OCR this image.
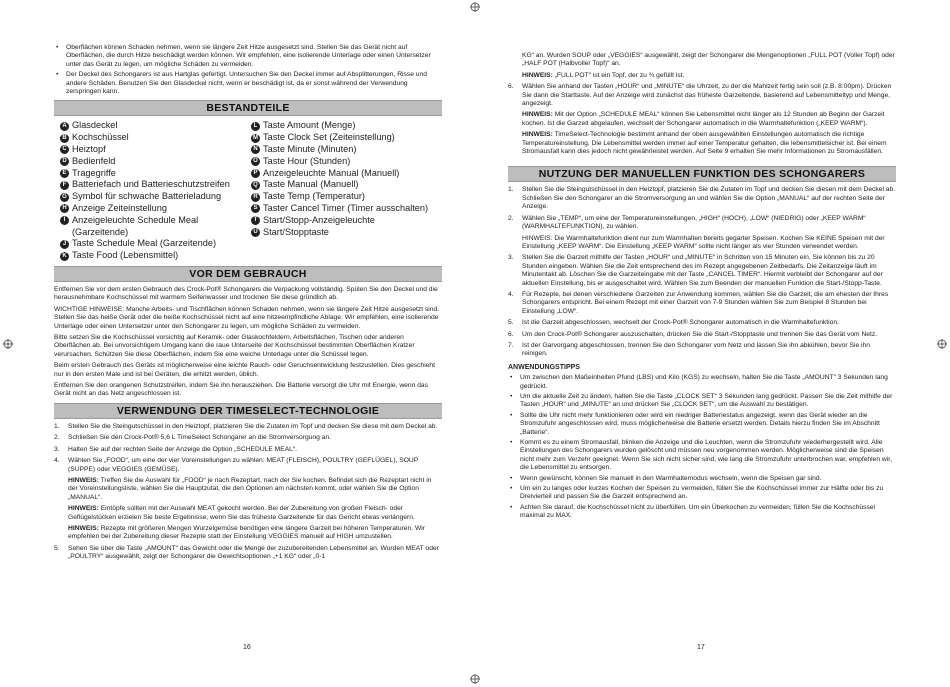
• Oberflächen können Schaden nehmen, wenn sie längere Zeit Hitze ausgesetzt sind. Stellen Sie das Gerät nicht auf Oberflächen, die durch Hitze beschädigt werden können. Wir empfehlen, eine isolierende Unterlage oder einen Untersetzer unter das Gerät zu legen, um mögliche Schäden zu vermeiden.
• Der Deckel des Schongarers ist aus Hartglas gefertigt. Untersuchen Sie den Deckel immer auf Absplitterungen, Risse und andere Schäden. Benutzen Sie den Glasdeckel nicht, wenn er beschädigt ist, da er sonst während der Verwendung zerspringen kann.
BESTANDTEILE
A Glasdeckel
B Kochschüssel
C Heiztopf
D Bedienfeld
E Tragegriffe
F Batteriefach und Batterieschutzstreifen
G Symbol für schwache Batterieladung
H Anzeige Zeiteinstellung
I Anzeigeleuchte Schedule Meal (Garzeitende)
J Taste Schedule Meal (Garzeitende)
K Taste Food (Lebensmittel)
L Taste Amount (Menge)
M Taste Clock Set (Zeiteinstellung)
N Taste Minute (Minuten)
O Taste Hour (Stunden)
P Anzeigeleuchte Manual (Manuell)
Q Taste Manual (Manuell)
R Taste Temp (Temperatur)
S Taster Cancel Timer (Timer ausschalten)
T Start/Stopp-Anzeigeleuchte
U Start/Stopptaste
VOR DEM GEBRAUCH

Entfernen Sie vor dem ersten Gebrauch des Crock-Pot® Schongarers die Verpackung vollständig. Spülen Sie den Deckel und die herausnehmbare Kochschüssel mit warmem Seifenwasser und trocknen Sie diese gründlich ab.

WICHTIGE HINWEISE: Manche Arbeits- und Tischflächen können Schaden nehmen, wenn sie längere Zeit Hitze ausgesetzt sind. Stellen Sie das heiße Gerät oder die heiße Kochschüssel nicht auf eine hitzeempfindliche Ablage. Wir empfehlen, eine isolierende Unterlage oder einen Untersetzer unter den Schongarer zu legen, um mögliche Schäden zu vermeiden.

Bitte setzen Sie die Kochschüssel vorsichtig auf Keramik- oder Glaskochfeldern, Arbeitsflächen, Tischen oder anderen Oberflächen ab. Bei unvorsichtigem Umgang kann die raue Unterseite der Kochschüssel bestimmten Oberflächen Kratzer verursachen. Schützen Sie diese Oberflächen, indem Sie eine weiche Unterlage unter die Schüssel legen.

Beim ersten Gebrauch des Geräts ist möglicherweise eine leichte Rauch- oder Geruchsentwicklung festzustellen. Dies geschieht nur in den ersten Male und ist bei Geräten, die erhitzt werden, üblich.

Entfernen Sie den orangenen Schutzstreifen, indem Sie ihn herausziehen. Die Batterie versorgt die Uhr mit Energie, wenn das Gerät nicht an das Netz angeschlossen ist.

VERWENDUNG DER TIMESELECT-TECHNOLOGIE
1. Stellen Sie die Steingutschüssel in den Heiztopf, platzieren Sie die Zutaten im Topf und decken Sie diese mit dem Deckel ab.
2. Schließen Sie den Crock-Pot® 5,6 L TimeSelect Schongarer an die Stromversorgung an.
3. Halten Sie auf der rechten Seite der Anzeige die Option „SCHEDULE MEAL“.
4. Wählen Sie „FOOD“, um eine der vier Voreinstellungen zu wählen: MEAT (FLEISCH), POULTRY (GEFLÜGEL), SOUP (SUPPE) oder VEGGIES (GEMÜSE).
HINWEIS: Treffen Sie die Auswahl für „FOOD“ je nach Rezeptart, nach der Sie kochen. Befindet sich die Rezeptart nicht in der Voreinstellungsliste, wählen Sie die Hauptzutat, die den Optionen am nächsten kommt, oder wählen Sie die Option „MANUAL“.
HINWEIS: Eintöpfe sollten mit der Auswahl MEAT gekocht werden. Bei der Zubereitung von großen Fleisch- oder Geflügelstücken erzielen Sie beste Ergebnisse, wenn Sie das früheste Garzeitende für das Gericht etwas verlängern.
HINWEIS: Rezepte mit größeren Mengen Wurzelgemüse benötigen eine längere Garzeit bei höheren Temperaturen. Wir empfehlen bei der Zubereitung dieser Rezepte statt der Einstellung VEGGIES manuell auf HIGH umzustellen.
5. Sehen Sie über die Taste „AMOUNT“ das Gewicht oder die Menge der zuzubereitenden Lebensmittel an. Wurden MEAT oder „POULTRY“ ausgewählt, zeigt der Schongarer die Gewichtsoptionen „+1 KG“ oder „0-1
16
KG“ an. Wurden SOUP oder „VEGGIES“ ausgewählt, zeigt der Schongarer die Mengenoptionen „FULL POT (Voller Topf) oder „HALF POT (Halbvoller Topf)“ an.
HINWEIS: „FULL POT“ ist ein Topf, der zu ¾ gefüllt ist.
6. Wählen Sie anhand der Tasten „HOUR“ und „MINUTE“ die Uhrzeit, zu der die Mahlzeit fertig sein soll (z.B. 8:00pm). Drücken Sie dann die Starttaste. Auf der Anzeige wird zunächst das früheste Garzeitende, basierend auf Lebensmitteltyp und Menge, angezeigt.
HINWEIS: Mit der Option „SCHEDULE MEAL“ können Sie Lebensmittel nicht länger als 12 Stunden ab Beginn der Garzeit kochen. Ist die Garzeit abgelaufen, wechselt der Schongarer automatisch in die Warmhaltefunktion („KEEP WARM“).
HINWEIS: TimeSelect-Technologie bestimmt anhand der oben ausgewählten Einstellungen automatisch die richtige Temperatureinstellung. Die Lebensmittel werden immer auf einer Temperatur gehalten, die lebensmittelsicher ist. Bei einem Stromausfall kann dies jedoch nicht gewährleistet werden. Auf Seite 9 erhalten Sie mehr Informationen zu Stromausfällen.
NUTZUNG DER MANUELLEN FUNKTION DES SCHONGARERS
1. Stellen Sie die Steingutschüssel in den Heiztopf, platzieren Sie die Zutaten im Topf und decken Sie diesen mit dem Deckel ab. Schließen Sie den Schongarer an die Stromversorgung an und wählen Sie die Option „MANUAL“ auf der rechten Seite der Anzeige.
2. Wählen Sie „TEMP“, um eine der Temperatureinstellungen, „HIGH“ (HOCH), „LOW“ (NIEDRIG) oder „KEEP WARM“ (WARMHALTEFUNKTION), zu wählen.
HINWEIS: Die Warmhaltefunktion dient nur zum Warmhalten bereits gegarter Speisen. Kochen Sie KEINE Speisen mit der Einstellung „KEEP WARM“. Die Einstellung „KEEP WARM“ sollte nicht länger als vier Stunden verwendet werden.
3. Stellen Sie die Garzeit mithilfe der Tasten „HOUR“ und „MINUTE“ in Schritten von 15 Minuten ein. Sie können bis zu 20 Stunden eingeben. Wählen Sie die Zeit entsprechend des im Rezept angegebenen Zeitbedarfs. Die Zeitanzeige läuft im Minutentakt ab. Löschen Sie die Garzeiteingabe mit der Taste „CANCEL TIMER“. Hiermit verbleibt der Schongarer auf der aktuellen Einstellung, bis er ausgeschaltet wird. Wählen Sie zum Beenden der manuellen Funktion die Start-/Stopp-Taste.
4. Für Rezepte, bei denen verschiedene Garzeiten zur Anwendung kommen, wählen Sie die Garzeit, die am ehesten der Ihres Schongarers entspricht. Bei einem Rezept mit einer Garzeit von 7-9 Stunden wählen Sie zum Beispiel 8 Stunden bei Einstellung „LOW“.
5. Ist die Garzeit abgeschlossen, wechselt der Crock-Pot® Schongarer automatisch in die Warmhaltefunktion.
6. Um den Crock-Pot® Schongarer auszuschalten, drücken Sie die Start-/Stopptaste und trennen Sie das Gerät vom Netz.
7. Ist der Garvorgang abgeschlossen, trennen Sie den Schongarer vom Netz und lassen Sie ihn abkühlen, bevor Sie ihn reinigen.
ANWENDUNGSTIPPS
• Um zwischen den Maßeinheiten Pfund (LBS) und Kilo (KGS) zu wechseln, halten Sie die Taste „AMOUNT“ 3 Sekunden lang gedrückt.
• Um die aktuelle Zeit zu ändern, halten Sie die Taste „CLOCK SET“ 3 Sekunden lang gedrückt. Passen Sie die Zeit mithilfe der Tasten „HOUR“ und „MINUTE“ an und drücken Sie „CLOCK SET“, um die Auswahl zu bestätigen.
• Sollte die Uhr nicht mehr funktionieren oder wird ein niedriger Batteriestatus angezeigt, wenn das Gerät wieder an die Stromzufuhr angeschlossen wird, muss möglicherweise die Batterie ersetzt werden. Details hierzu finden Sie im Abschnitt „Batterie“.
• Kommt es zu einem Stromausfall, blinken die Anzeige und die Leuchten, wenn die Stromzufuhr wiederhergestellt wird. Alle Einstellungen des Schongarers wurden gelöscht und müssen neu vorgenommen werden. Möglicherweise sind die Speisen nicht mehr zum Verzehr geeignet. Wenn Sie sich nicht sicher sind, wie lang die Stromzufuhr unterbrochen war, empfehlen wir, die Lebensmittel zu entsorgen.
• Wenn gewünscht, können Sie manuell in den Warmhaltemodus wechseln, wenn die Speisen gar sind.
• Um ein zu langes oder kurzes Kochen der Speisen zu vermeiden, füllen Sie die Kochschüssel immer zur Hälfte oder bis zu Dreivierteil und passen Sie die Garzeit entsprechend an.
• Achten Sie darauf, die Kochschüssel nicht zu überfüllen. Um ein Überkochen zu vermeiden, füllen Sie die Kochschüssel maximal zu MAX.
17
